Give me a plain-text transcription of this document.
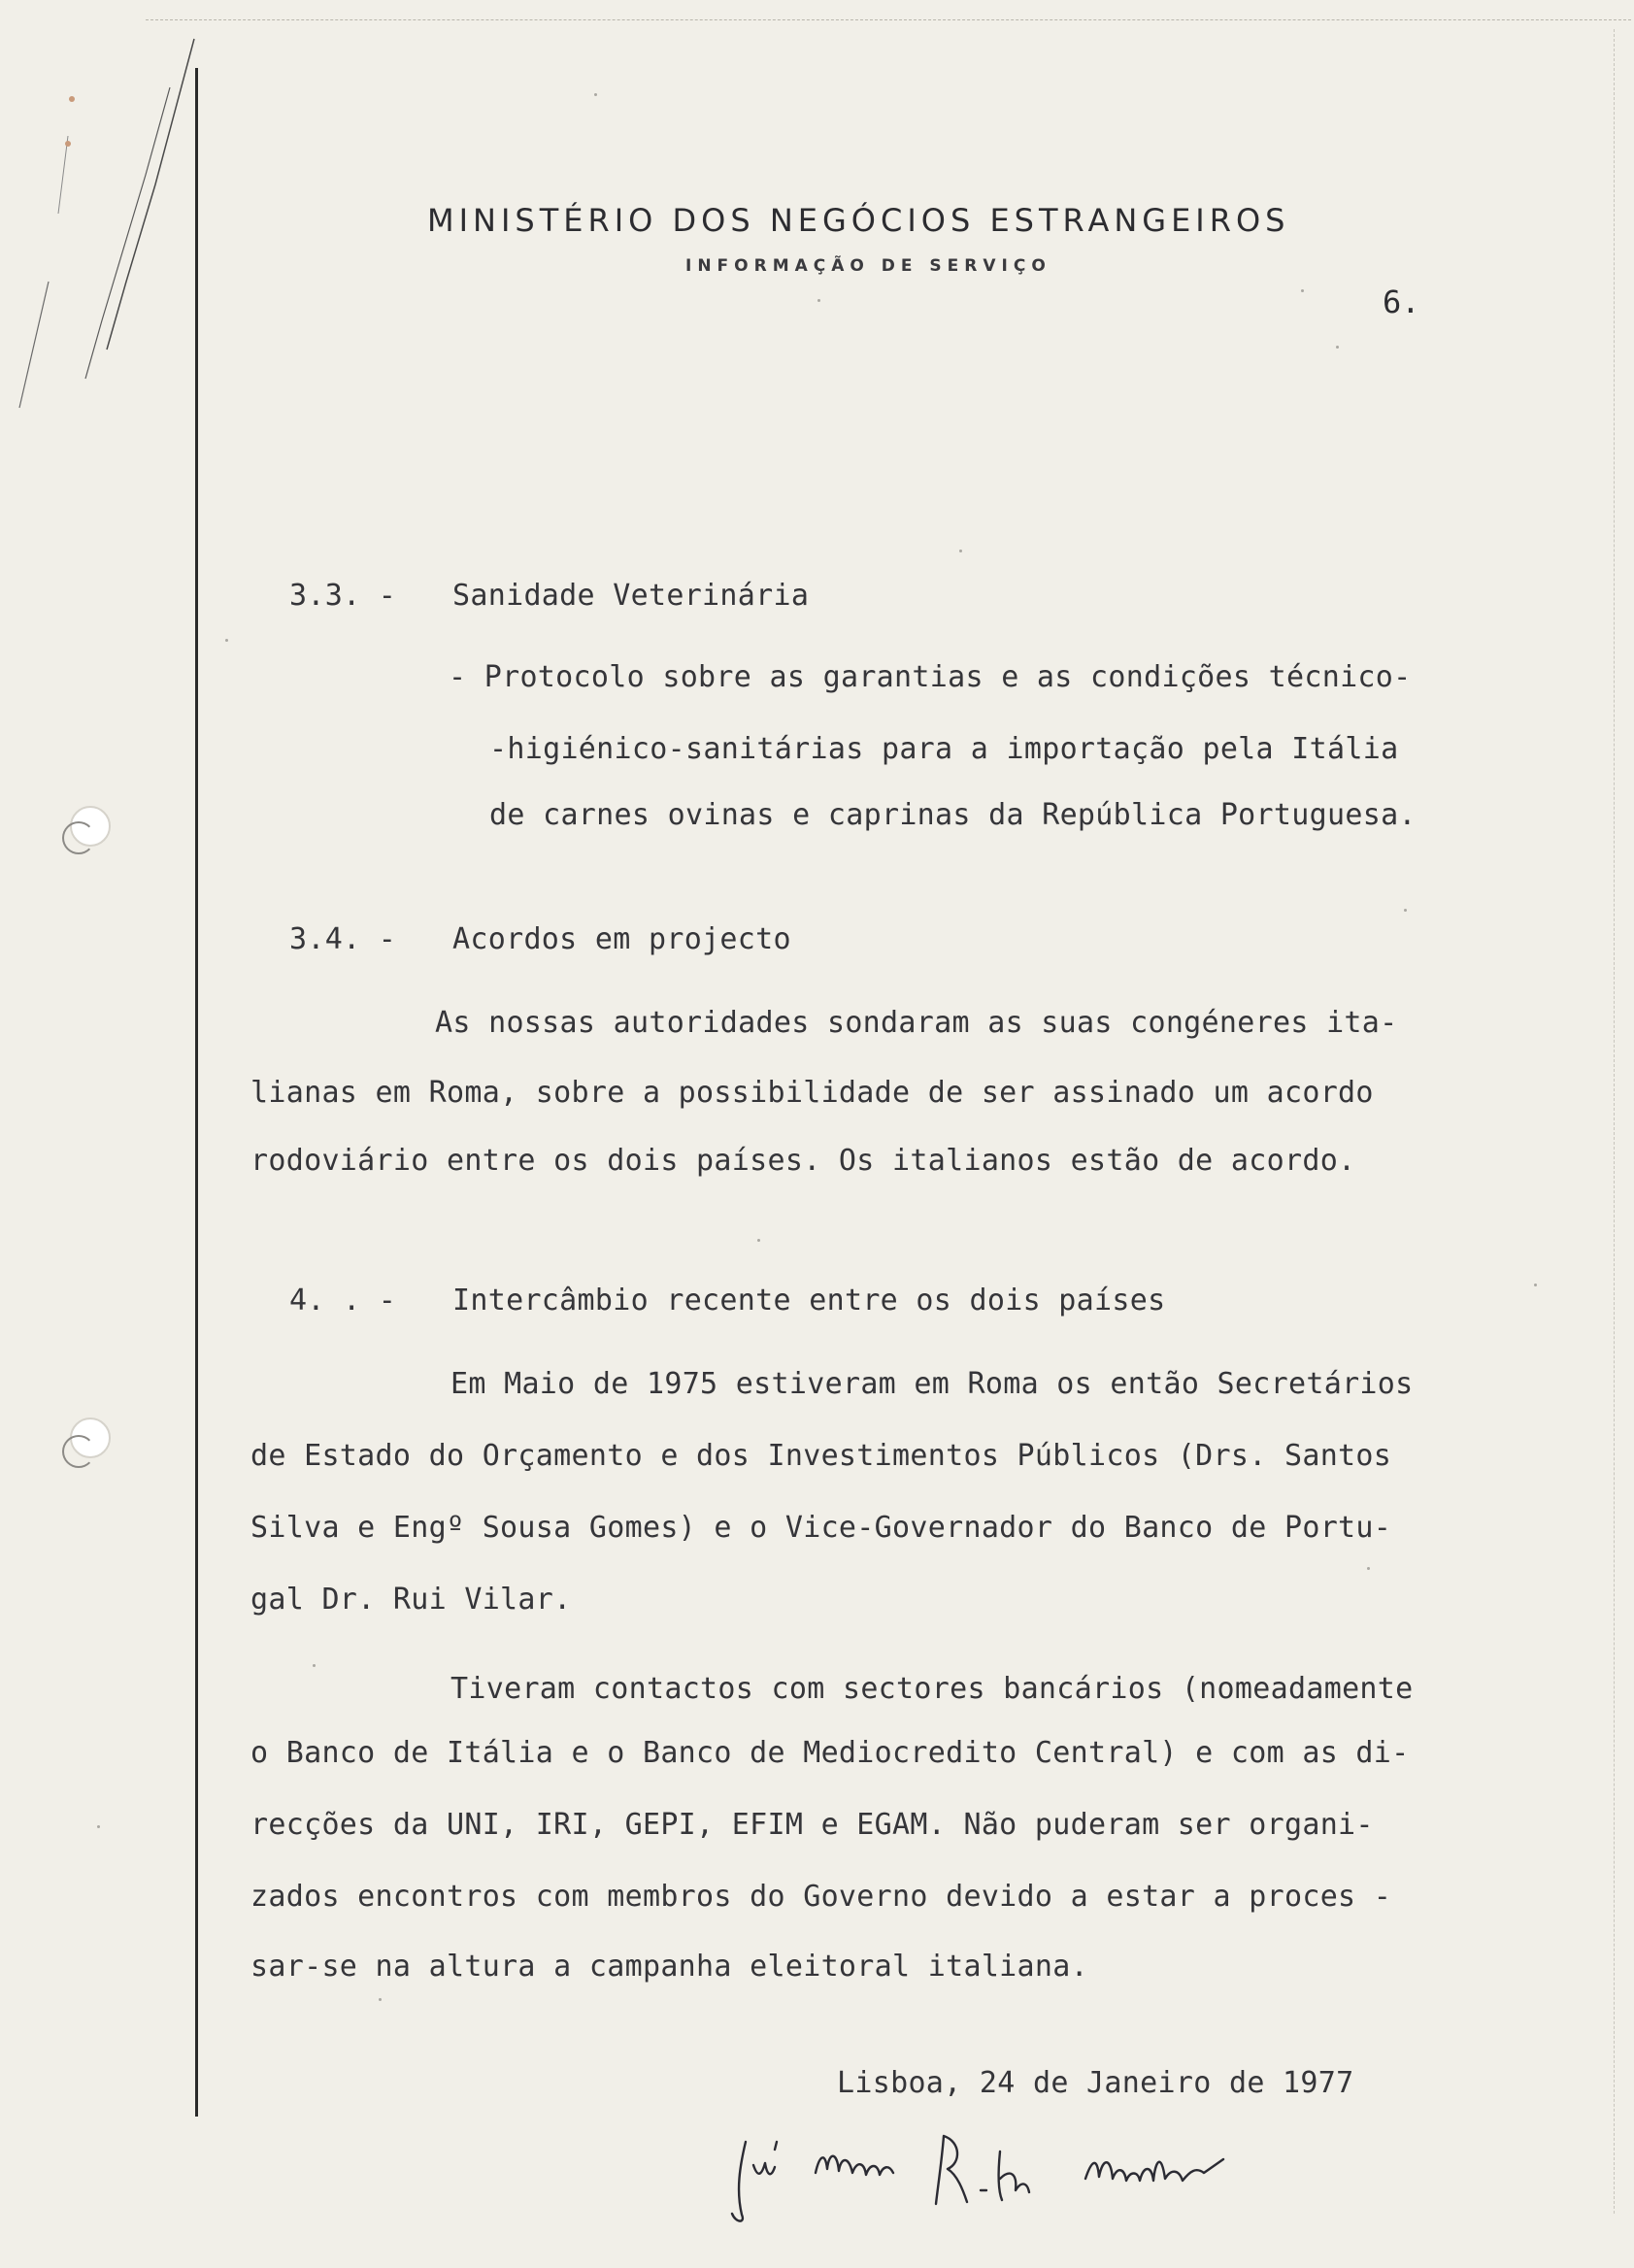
MINISTÉRIO DOS NEGÓCIOS ESTRANGEIROS
INFORMAÇÃO DE SERVIÇO
6.
3.3. - Sanidade Veterinária
- Protocolo sobre as garantias e as condições técnico-
-higiénico-sanitárias para a importação pela Itália
de carnes ovinas e caprinas da República Portuguesa.
3.4. - Acordos em projecto
As nossas autoridades sondaram as suas congéneres ita-
lianas em Roma, sobre a possibilidade de ser assinado um acordo
rodoviário entre os dois países. Os italianos estão de acordo.
4. . - Intercâmbio recente entre os dois países
Em Maio de 1975 estiveram em Roma os então Secretários
de Estado do Orçamento e dos Investimentos Públicos (Drs. Santos
Silva e Engº Sousa Gomes) e o Vice-Governador do Banco de Portu-
gal Dr. Rui Vilar.
Tiveram contactos com sectores bancários (nomeadamente
o Banco de Itália e o Banco de Mediocredito Central) e com as di-
recções da UNI, IRI, GEPI, EFIM e EGAM. Não puderam ser organi-
zados encontros com membros do Governo devido a estar a proces -
sar-se na altura a campanha eleitoral italiana.
Lisboa, 24 de Janeiro de 1977
